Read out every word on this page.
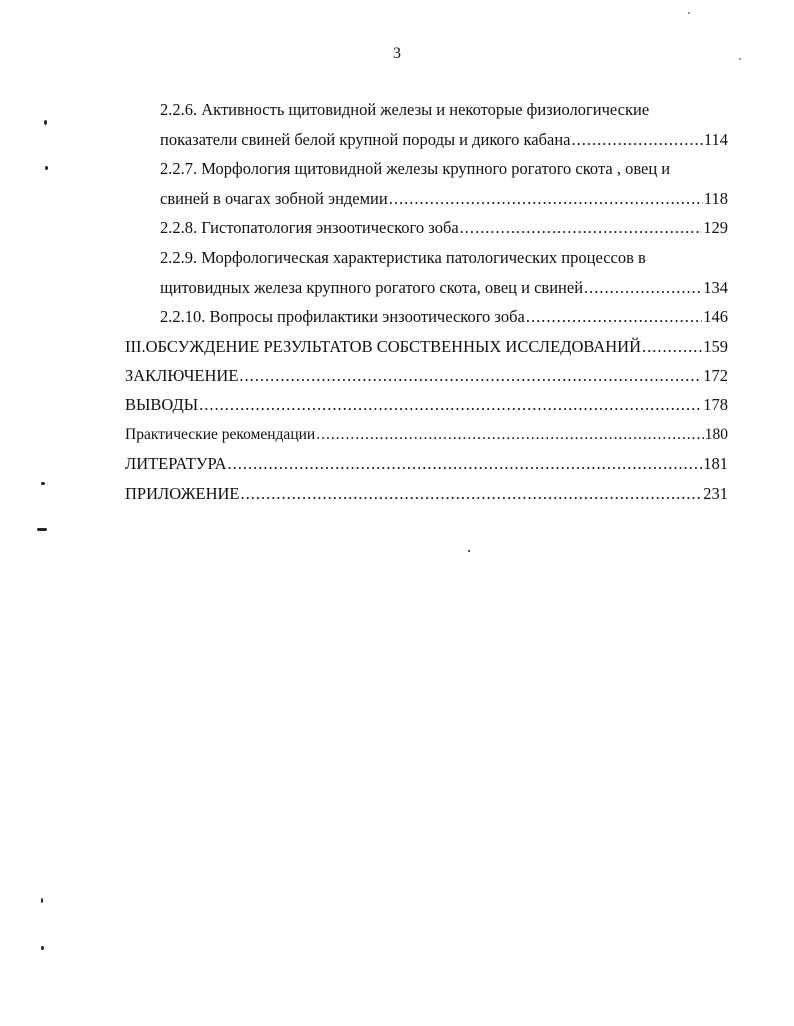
3
2.2.6. Активность щитовидной железы и некоторые физиологические
показатели свиней белой крупной породы и дикого кабана .....	114
2.2.7. Морфология щитовидной железы крупного рогатого скота , овец и
свиней в очагах зобной эндемии .....	118
2.2.8. Гистопатология энзоотического зоба .....	129
2.2.9. Морфологическая характеристика патологических процессов в
щитовидных железа крупного рогатого скота, овец и свиней .....	134
2.2.10. Вопросы профилактики энзоотического зоба .....	146
III.ОБСУЖДЕНИЕ РЕЗУЛЬТАТОВ СОБСТВЕННЫХ ИССЛЕДОВАНИЙ .....	159
ЗАКЛЮЧЕНИЕ .....	172
ВЫВОДЫ .....	178
Практические рекомендации .....	180
ЛИТЕРАТУРА .....	181
ПРИЛОЖЕНИЕ .....	231
